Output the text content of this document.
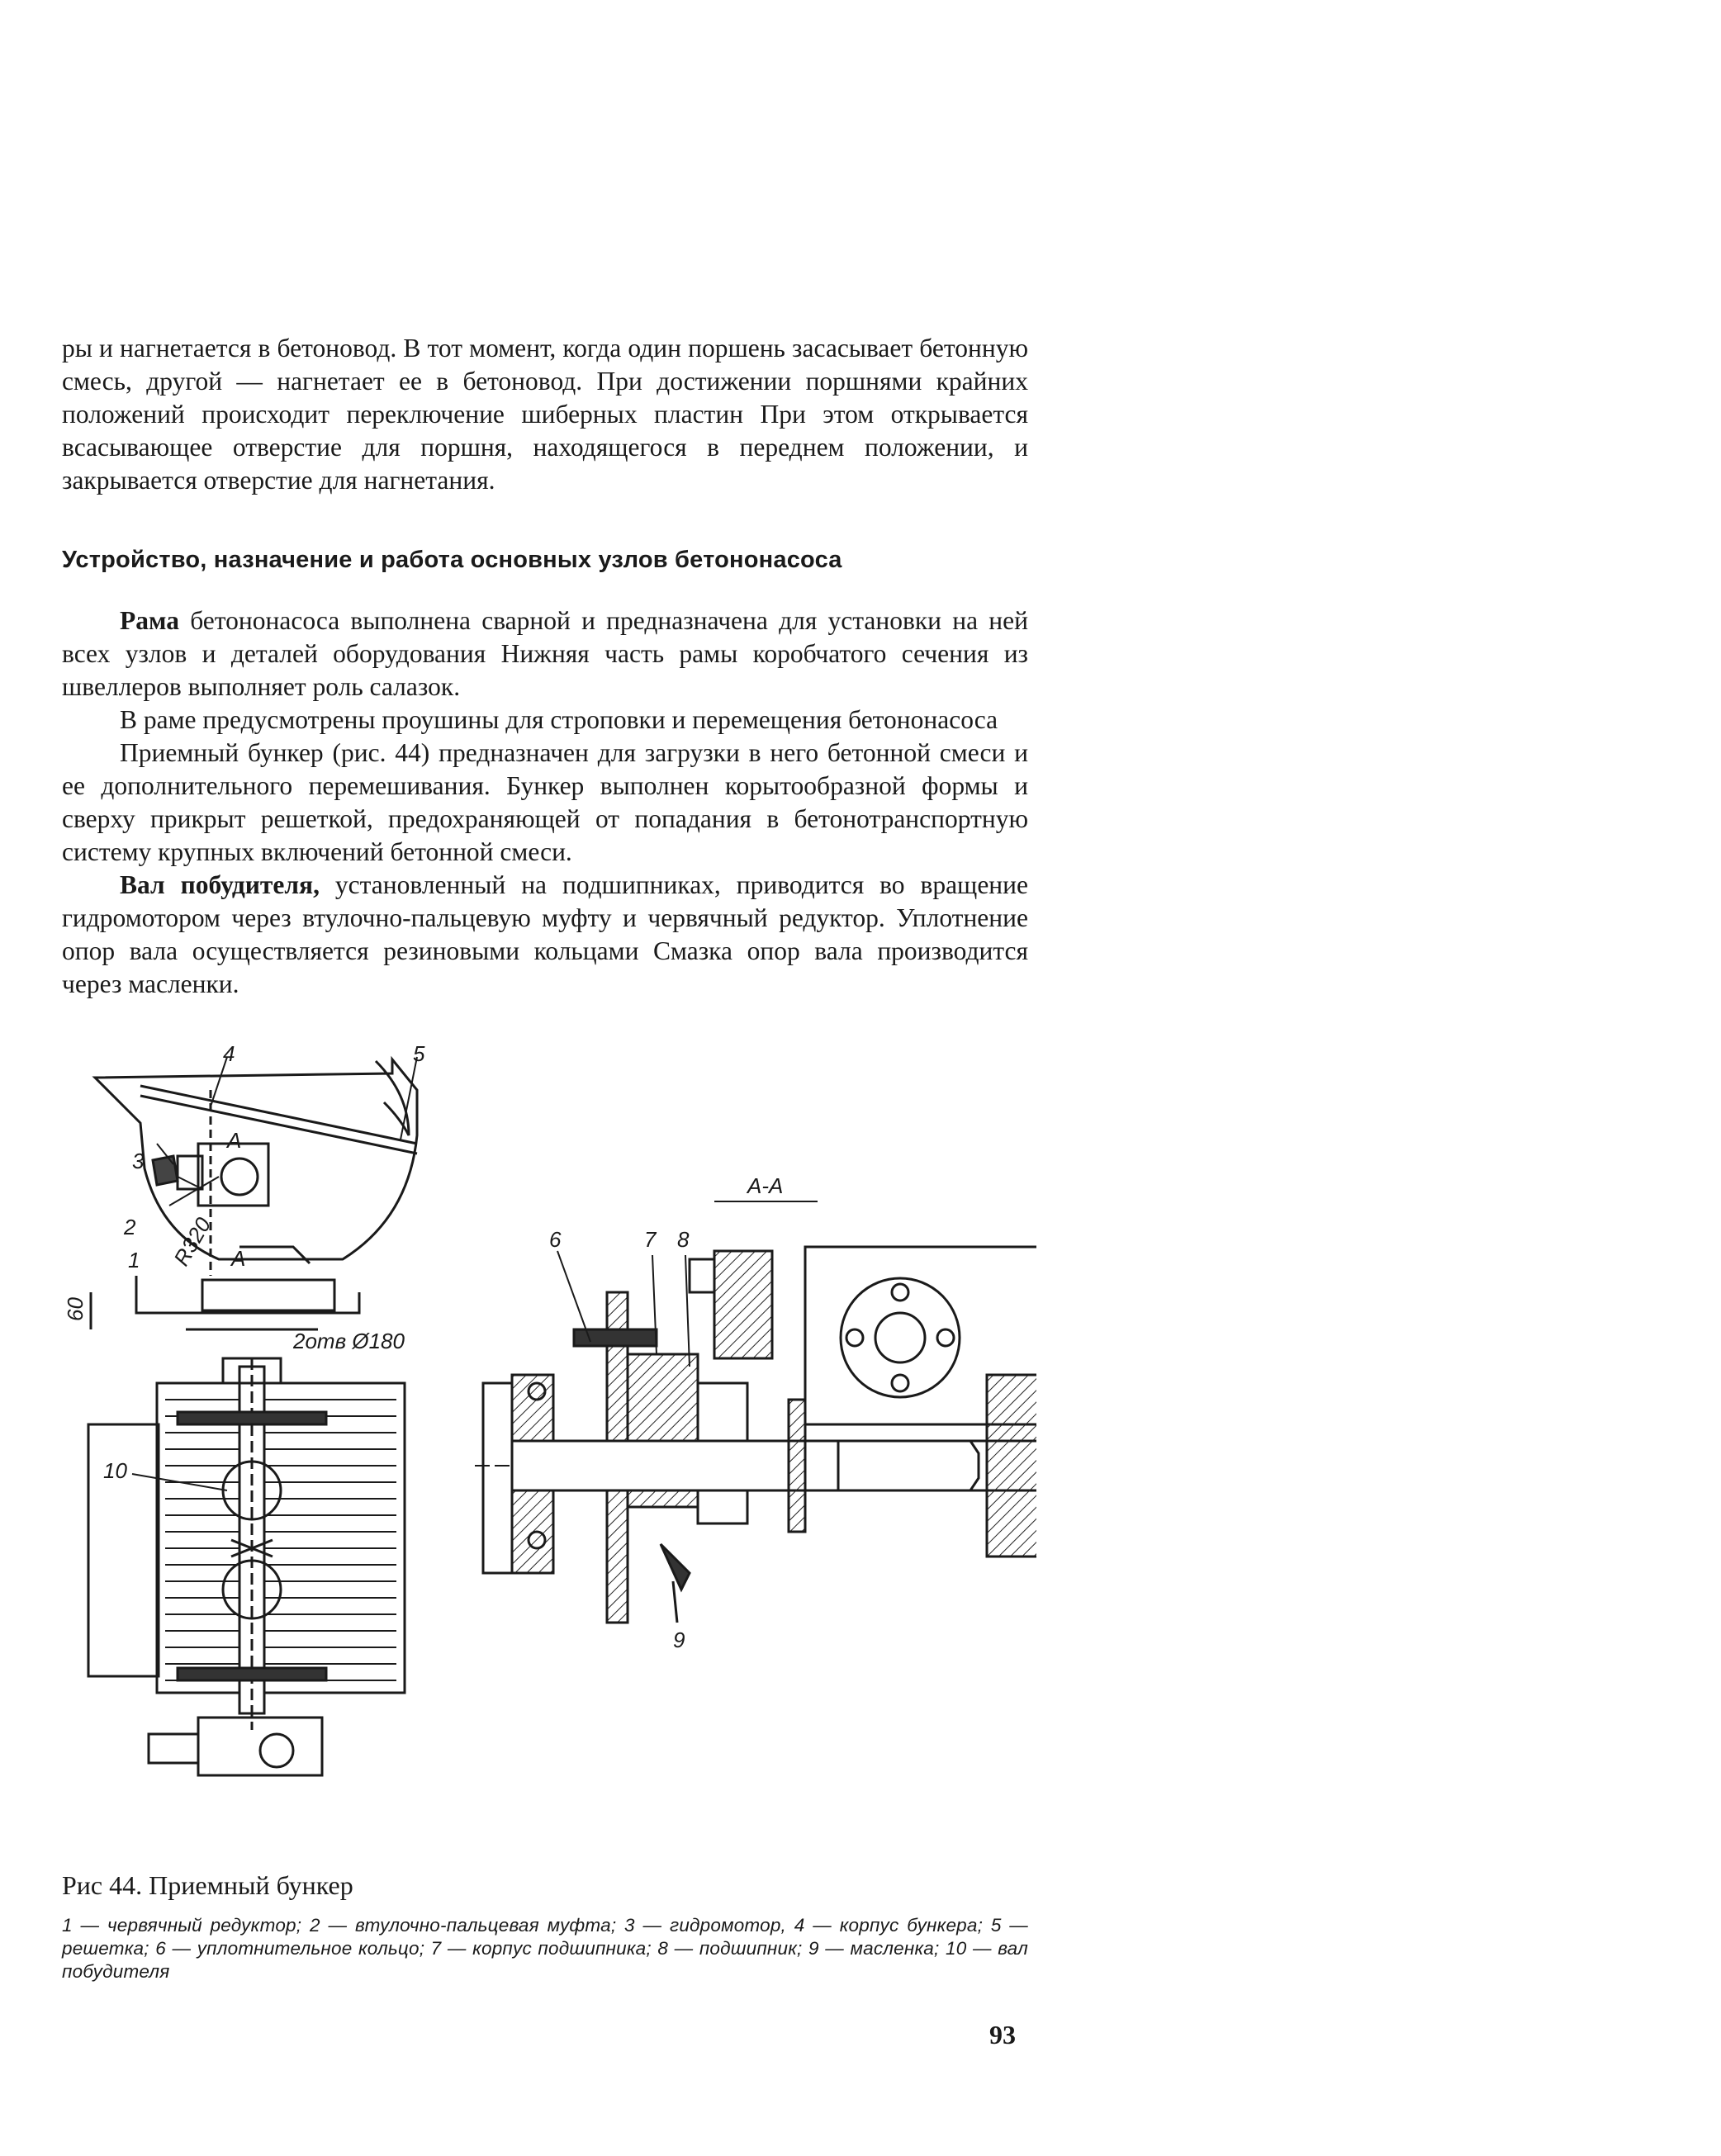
ры и нагнетается в бетоновод. В тот момент, когда один поршень засасывает бетонную смесь, другой — нагнетает ее в бетоновод. При достижении поршнями крайних положений происходит переключение шиберных пластин При этом открывается всасывающее отверстие для поршня, находящегося в переднем положении, и закрывается отверстие для нагнетания.

Устройство, назначение и работа основных узлов бетононасоса

Рама бетононасоса выполнена сварной и предназначена для установки на ней всех узлов и деталей оборудования Нижняя часть рамы коробчатого сечения из швеллеров выполняет роль салазок.

В раме предусмотрены проушины для строповки и перемещения бетононасоса

Приемный бункер (рис. 44) предназначен для загрузки в него бетонной смеси и ее дополнительного перемешивания. Бункер выполнен корытообразной формы и сверху прикрыт решеткой, предохраняющей от попадания в бетонотранспортную систему крупных включений бетонной смеси.

Вал побудителя, установленный на подшипниках, приводится во вращение гидромотором через втулочно-пальцевую муфту и червячный редуктор. Уплотнение опор вала осуществляется резиновыми кольцами Смазка опор вала производится через масленки.

4	5
3
2
1
А
А
R320
60
2отв Ø180
А-А
6	7 8
9
10
Рис 44. Приемный бункер
1 — червячный редуктор; 2 — втулочно-пальцевая муфта; 3 — гидромотор, 4 — корпус бункера; 5 — решетка; 6 — уплотнительное кольцо; 7 — корпус подшипника; 8 — подшипник; 9 — масленка; 10 — вал побудителя
93
